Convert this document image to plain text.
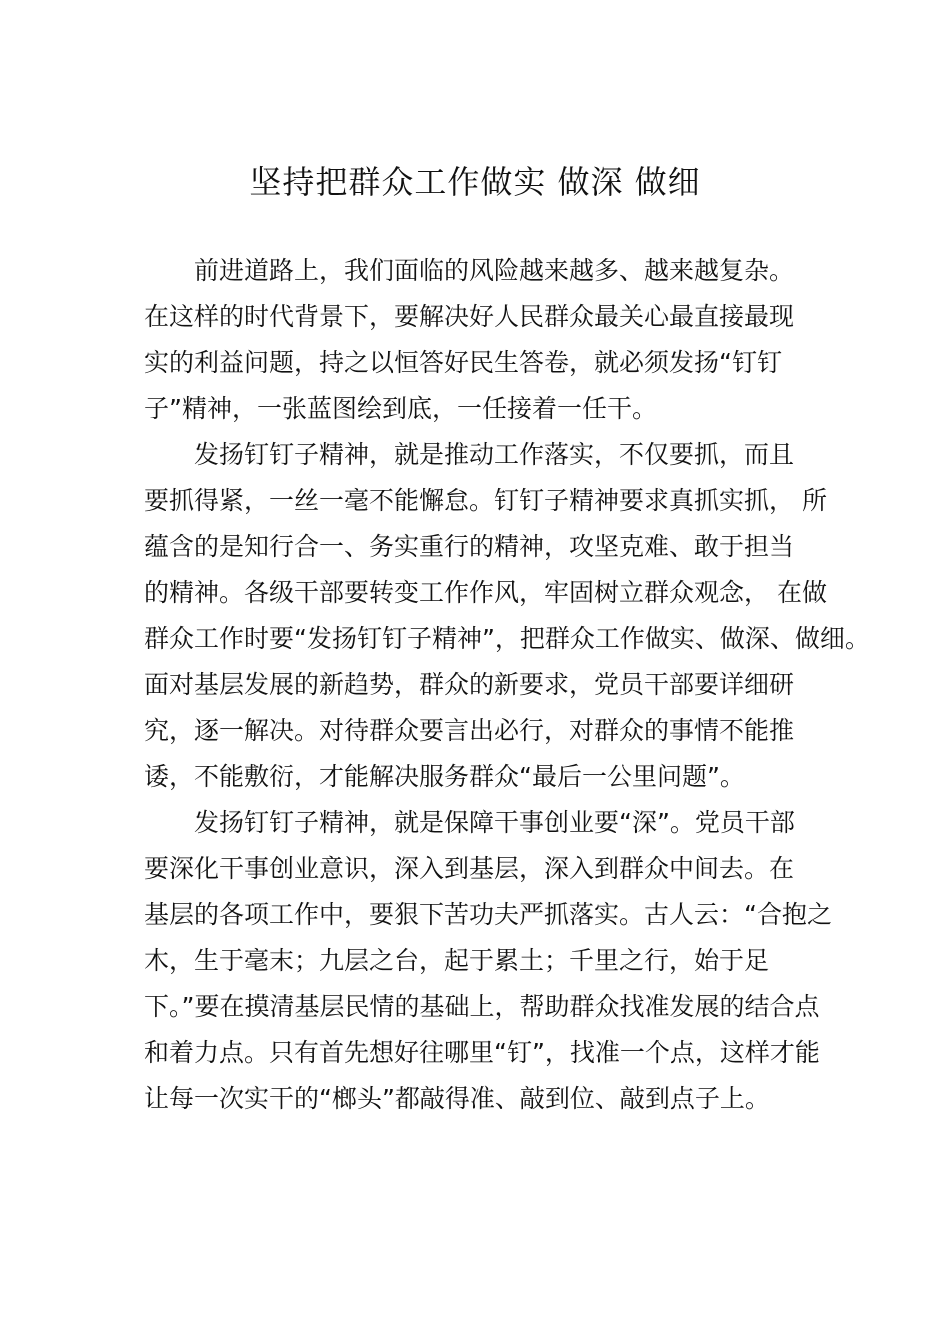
坚持把群众工作做实 做深 做细

前进道路上，我们面临的风险越来越多、越来越复杂。

在这样的时代背景下，要解决好人民群众最关心最直接最现

实的利益问题，持之以恒答好民生答卷，就必须发扬“钉钉

子”精神，一张蓝图绘到底，一任接着一任干。

发扬钉钉子精神，就是推动工作落实，不仅要抓，而且

要抓得紧，一丝一毫不能懈怠。钉钉子精神要求真抓实抓， 所

蕴含的是知行合一、务实重行的精神，攻坚克难、敢于担当

的精神。各级干部要转变工作作风，牢固树立群众观念， 在做

群众工作时要“发扬钉钉子精神”，把群众工作做实、做深、做细。

面对基层发展的新趋势，群众的新要求，党员干部要详细研

究，逐一解决。对待群众要言出必行，对群众的事情不能推

诿，不能敷衍，才能解决服务群众“最后一公里问题”。

发扬钉钉子精神，就是保障干事创业要“深”。党员干部

要深化干事创业意识，深入到基层，深入到群众中间去。在

基层的各项工作中，要狠下苦功夫严抓落实。古人云：“合抱之

木，生于毫末；九层之台，起于累土；千里之行，始于足

下。”要在摸清基层民情的基础上，帮助群众找准发展的结合点

和着力点。只有首先想好往哪里“钉”，找准一个点，这样才能

让每一次实干的“榔头”都敲得准、敲到位、敲到点子上。
